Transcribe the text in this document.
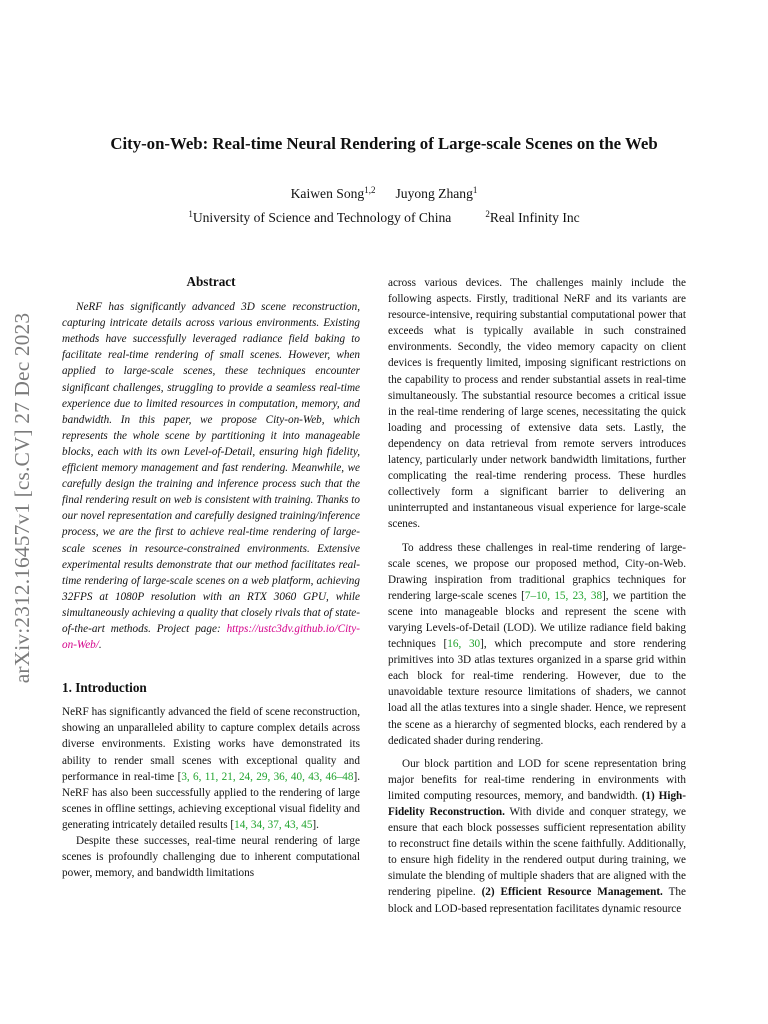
arXiv:2312.16457v1 [cs.CV] 27 Dec 2023
City-on-Web: Real-time Neural Rendering of Large-scale Scenes on the Web
Kaiwen Song$^{1,2}$ Juyong Zhang$^1$
$^1$University of Science and Technology of China	$^2$Real Infinity Inc
Abstract

NeRF has significantly advanced 3D scene reconstruction, capturing intricate details across various environments. Existing methods have successfully leveraged radiance field baking to facilitate real-time rendering of small scenes. However, when applied to large-scale scenes, these techniques encounter significant challenges, struggling to provide a seamless real-time experience due to limited resources in computation, memory, and bandwidth. In this paper, we propose City-on-Web, which represents the whole scene by partitioning it into manageable blocks, each with its own Level-of-Detail, ensuring high fidelity, efficient memory management and fast rendering. Meanwhile, we carefully design the training and inference process such that the final rendering result on web is consistent with training. Thanks to our novel representation and carefully designed training/inference process, we are the first to achieve real-time rendering of large-scale scenes in resource-constrained environments. Extensive experimental results demonstrate that our method facilitates real-time rendering of large-scale scenes on a web platform, achieving 32FPS at 1080P resolution with an RTX 3060 GPU, while simultaneously achieving a quality that closely rivals that of state-of-the-art methods. Project page: https://ustc3dv.github.io/City-on-Web/.

1. Introduction

NeRF has significantly advanced the field of scene reconstruction, showing an unparalleled ability to capture complex details across diverse environments. Existing works have demonstrated its ability to render small scenes with exceptional quality and performance in real-time [3, 6, 11, 21, 24, 29, 36, 40, 43, 46–48]. NeRF has also been successfully applied to the rendering of large scenes in offline settings, achieving exceptional visual fidelity and generating intricately detailed results [14, 34, 37, 43, 45].

Despite these successes, real-time neural rendering of large scenes is profoundly challenging due to inherent computational power, memory, and bandwidth limitations

across various devices. The challenges mainly include the following aspects. Firstly, traditional NeRF and its variants are resource-intensive, requiring substantial computational power that exceeds what is typically available in such constrained environments. Secondly, the video memory capacity on client devices is frequently limited, imposing significant restrictions on the capability to process and render substantial assets in real-time simultaneously. The substantial resource becomes a critical issue in the real-time rendering of large scenes, necessitating the quick loading and processing of extensive data sets. Lastly, the dependency on data retrieval from remote servers introduces latency, particularly under network bandwidth limitations, further complicating the real-time rendering process. These hurdles collectively form a significant barrier to delivering an uninterrupted and instantaneous visual experience for large-scale scenes.

To address these challenges in real-time rendering of large-scale scenes, we propose our proposed method, City-on-Web. Drawing inspiration from traditional graphics techniques for rendering large-scale scenes [7–10, 15, 23, 38], we partition the scene into manageable blocks and represent the scene with varying Levels-of-Detail (LOD). We utilize radiance field baking techniques [16, 30], which precompute and store rendering primitives into 3D atlas textures organized in a sparse grid within each block for real-time rendering. However, due to the unavoidable texture resource limitations of shaders, we cannot load all the atlas textures into a single shader. Hence, we represent the scene as a hierarchy of segmented blocks, each rendered by a dedicated shader during rendering.

Our block partition and LOD for scene representation bring major benefits for real-time rendering in environments with limited computing resources, memory, and bandwidth. (1) High-Fidelity Reconstruction. With divide and conquer strategy, we ensure that each block possesses sufficient representation ability to reconstruct fine details within the scene faithfully. Additionally, to ensure high fidelity in the rendered output during training, we simulate the blending of multiple shaders that are aligned with the rendering pipeline. (2) Efficient Resource Management. The block and LOD-based representation facilitates dynamic resource
